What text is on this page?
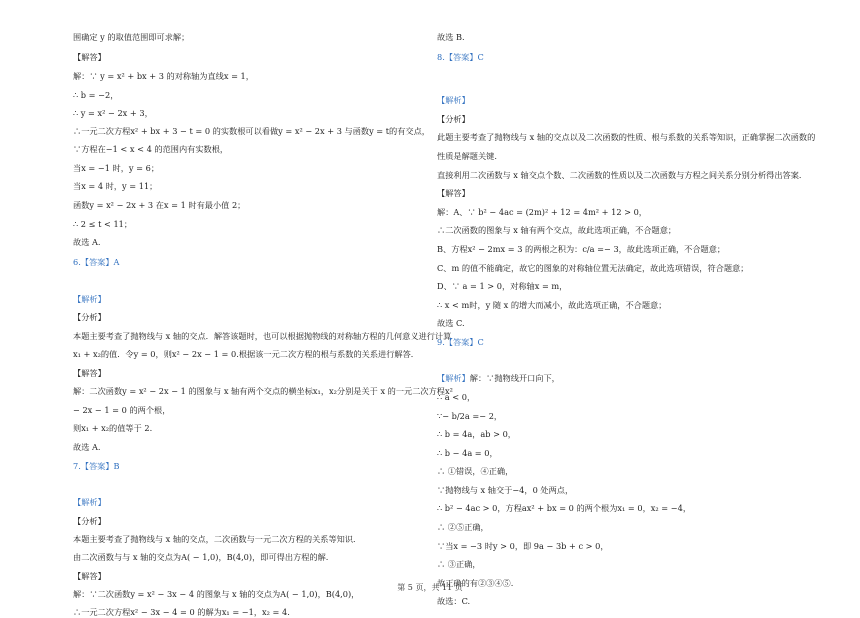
围确定 y 的取值范围即可求解；
【解答】
解：∵ y = x² + bx + 3 的对称轴为直线x = 1，
∴ b = −2，
∴ y = x² − 2x + 3，
∴一元二次方程x² + bx + 3 − t = 0 的实数根可以看做y = x² − 2x + 3 与函数y = t的有交点，
∵方程在−1 < x < 4 的范围内有实数根，
当x = −1 时，y = 6；
当x = 4 时，y = 11；
函数y = x² − 2x + 3 在x = 1 时有最小值 2；
∴ 2 ≤ t < 11；
故选 A.
6.【答案】A
【解析】
【分析】
本题主要考查了抛物线与 x 轴的交点．解答该题时，也可以根据抛物线的对称轴方程的几何意义进行计算
x₁ + x₂的值．令y = 0，则x² − 2x − 1 = 0.根据该一元二次方程的根与系数的关系进行解答．
【解答】
解：二次函数y = x² − 2x − 1 的图象与 x 轴有两个交点的横坐标x₁，x₂分别是关于 x 的一元二次方程x²
− 2x − 1 = 0 的两个根，
则x₁ + x₂的值等于 2.
故选 A.
7.【答案】B
【解析】
【分析】
本题主要考查了抛物线与 x 轴的交点，二次函数与一元二次方程的关系等知识．
由二次函数与与 x 轴的交点为A( − 1,0)，B(4,0)，即可得出方程的解.
【解答】
解：∵二次函数y = x² − 3x − 4 的图象与 x 轴的交点为A( − 1,0)，B(4,0)，
∴一元二次方程x² − 3x − 4 = 0 的解为x₁ = −1，x₂ = 4.
故选 B.
8.【答案】C
【解析】
【分析】
此题主要考查了抛物线与 x 轴的交点以及二次函数的性质、根与系数的关系等知识，正确掌握二次函数的
性质是解题关键.
直接利用二次函数与 x 轴交点个数、二次函数的性质以及二次函数与方程之间关系分别分析得出答案．
【解答】
解：A、∵ b² − 4ac = (2m)² + 12 = 4m² + 12 > 0，
∴二次函数的图象与 x 轴有两个交点，故此选项正确，不合题意；
B、方程x² − 2mx = 3 的两根之积为：c/a =− 3，故此选项正确，不合题意；
C、m 的值不能确定，故它的图象的对称轴位置无法确定，故此选项错误，符合题意；
D、∵ a = 1 > 0，对称轴x = m，
∴ x < m时，y 随 x 的增大而减小，故此选项正确，不合题意；
故选 C.
9.【答案】C
【解析】解：∵抛物线开口向下，
∴ a < 0，
∵− b/2a =− 2，
∴ b = 4a，ab > 0，
∴ b − 4a = 0，
∴ ①错误，④正确，
∵抛物线与 x 轴交于−4，0 处两点，
∴ b² − 4ac > 0，方程ax² + bx = 0 的两个根为x₁ = 0，x₂ = −4，
∴ ②⑤正确，
∵当x = −3 时y > 0，即 9a − 3b + c > 0，
∴ ③正确，
故正确的有②③④⑤.
故选：C.
第 5 页，共 11 页
